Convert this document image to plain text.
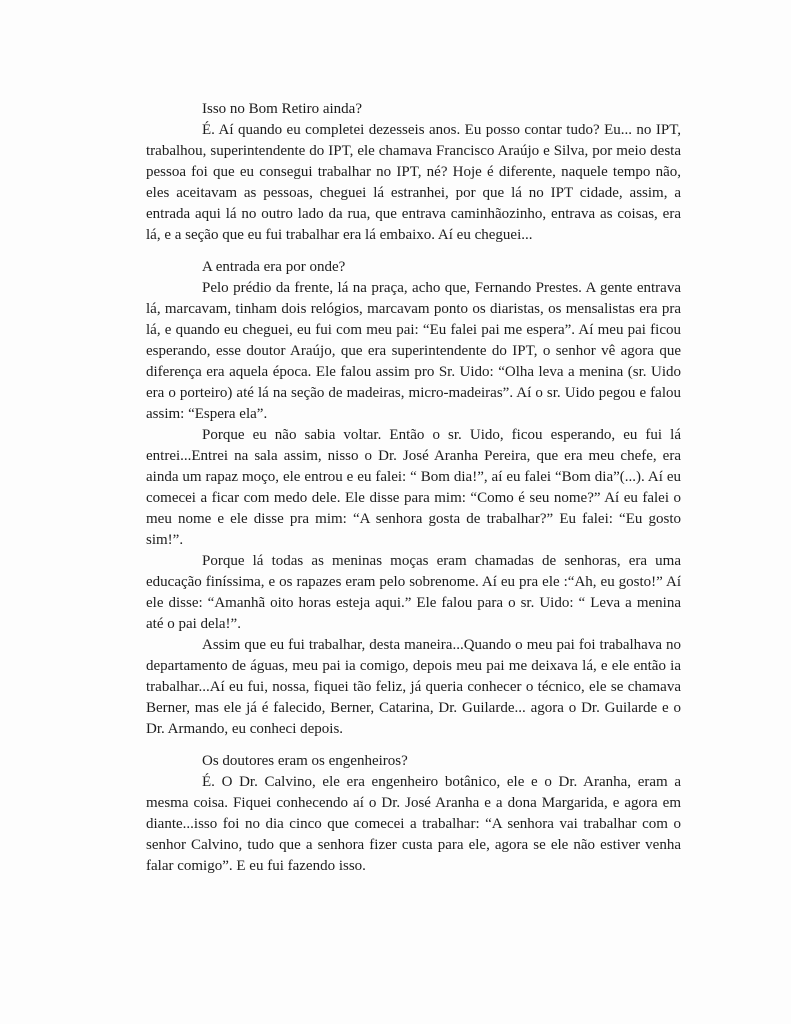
Isso no Bom Retiro ainda?

É. Aí quando eu completei dezesseis anos. Eu posso contar tudo? Eu... no IPT, trabalhou, superintendente do IPT, ele chamava Francisco Araújo e Silva, por meio desta pessoa foi que eu consegui trabalhar no IPT, né? Hoje é diferente, naquele tempo não, eles aceitavam as pessoas, cheguei lá estranhei, por que lá no IPT cidade, assim, a entrada aqui lá no outro lado da rua, que entrava caminhãozinho, entrava as coisas, era lá, e a seção que eu fui trabalhar era lá embaixo. Aí eu cheguei...

A entrada era por onde?

Pelo prédio da frente, lá na praça, acho que, Fernando Prestes. A gente entrava lá, marcavam, tinham dois relógios, marcavam ponto os diaristas, os mensalistas era pra lá, e quando eu cheguei, eu fui com meu pai: “Eu falei pai me espera”. Aí meu pai ficou esperando, esse doutor Araújo, que era superintendente do IPT, o senhor vê agora que diferença era aquela época. Ele falou assim pro Sr. Uido: “Olha leva a menina (sr. Uido era o porteiro) até lá na seção de madeiras, micro-madeiras”. Aí o sr. Uido pegou e falou assim: “Espera ela”.

Porque eu não sabia voltar. Então o sr. Uido, ficou esperando, eu fui lá entrei...Entrei na sala assim, nisso o Dr. José Aranha Pereira, que era meu chefe, era ainda um rapaz moço, ele entrou e eu falei: “ Bom dia!”, aí eu falei “Bom dia”(...). Aí eu comecei a ficar com medo dele. Ele disse para mim: “Como é seu nome?” Aí eu falei o meu nome e ele disse pra mim: “A senhora gosta de trabalhar?” Eu falei: “Eu gosto sim!”.

Porque lá todas as meninas moças eram chamadas de senhoras, era uma educação finíssima, e os rapazes eram pelo sobrenome. Aí eu pra ele :“Ah, eu gosto!” Aí ele disse: “Amanhã oito horas esteja aqui.” Ele falou para o sr. Uido: “ Leva a menina até o pai dela!”.

Assim que eu fui trabalhar, desta maneira...Quando o meu pai foi trabalhava no departamento de águas, meu pai ia comigo, depois meu pai me deixava lá, e ele então ia trabalhar...Aí eu fui, nossa, fiquei tão feliz, já queria conhecer o técnico, ele se chamava Berner, mas ele já é falecido, Berner, Catarina, Dr. Guilarde... agora o Dr. Guilarde e o Dr. Armando, eu conheci depois.

Os doutores eram os engenheiros?

É. O Dr. Calvino, ele era engenheiro botânico, ele e o Dr. Aranha, eram a mesma coisa. Fiquei conhecendo aí o Dr. José Aranha e a dona Margarida, e agora em diante...isso foi no dia cinco que comecei a trabalhar: “A senhora vai trabalhar com o senhor Calvino, tudo que a senhora fizer custa para ele, agora se ele não estiver venha falar comigo”. E eu fui fazendo isso.
